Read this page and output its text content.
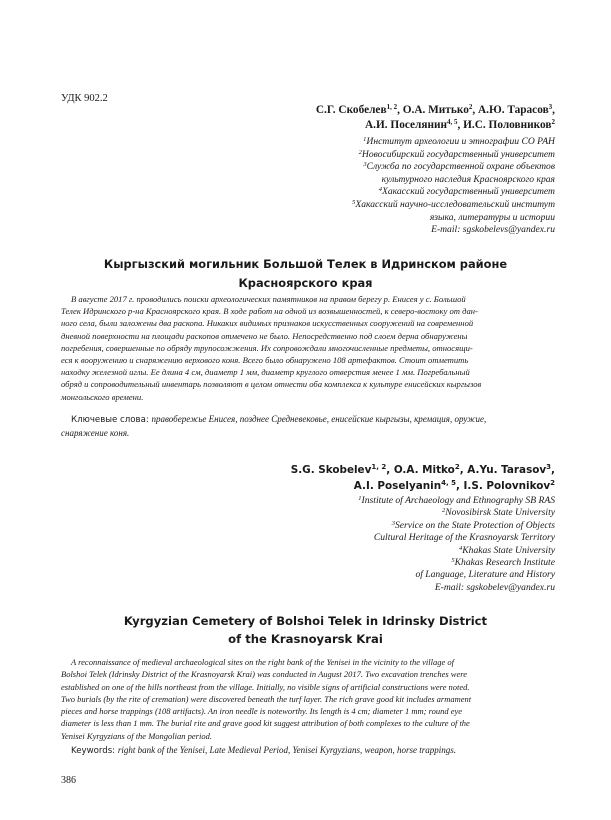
УДК 902.2
С.Г. Скобелев$^{1, 2}$, О.А. Митько$^2$, А.Ю. Тарасов$^3$,
А.И. Поселянин$^{4, 5}$, И.С. Половников$^2$
$^1$Институт археологии и этнографии СО РАН
$^2$Новосибирский государственный университет
$^3$Служба по государственной охране объектов
культурного наследия Красноярского края
$^4$Хакасский государственный университет
$^5$Хакасский научно-исследовательский институт
языка, литературы и истории
E-mail: sgskobelevs@yandex.ru
Кыргызский могильник Большой Телек в Идринском районе
Красноярского края
В августе 2017 г. проводились поиски археологических памятников на правом берегу р. Енисея у с. Большой
Телек Идринского р-на Красноярского края. В ходе работ на одной из возвышенностей, к северо-востоку от дан-
ного села, были заложены два раскопа. Никаких видимых признаков искусственных сооружений на современной
дневной поверхности на площади раскопов отмечено не было. Непосредственно под слоем дерна обнаружены
погребения, совершенные по обряду трупосожжения. Их сопровождали многочисленные предметы, относящи-
еся к вооружению и снаряжению верхового коня. Всего было обнаружено 108 артефактов. Стоит отметить
находку железной иглы. Ее длина 4 см, диаметр 1 мм, диаметр круглого отверстия менее 1 мм. Погребальный
обряд и сопроводительный инвентарь позволяют в целом отнести оба комплекса к культуре енисейских кыргызов
монгольского времени.
Ключевые слова: правобережье Енисея, позднее Средневековье, енисейские кыргызы, кремация, оружие,
снаряжение коня.
S.G. Skobelev$^{1, 2}$, O.A. Mitko$^2$, A.Yu. Tarasov$^3$,
A.I. Poselyanin$^{4, 5}$, I.S. Polovnikov$^2$
$^1$Institute of Archaeology and Ethnography SB RAS
$^2$Novosibirsk State University
$^3$Service on the State Protection of Objects
Cultural Heritage of the Krasnoyarsk Territory
$^4$Khakas State University
$^5$Khakas Research Institute
of Language, Literature and History
E-mail: sgskobelev@yandex.ru
Kyrgyzian Cemetery of Bolshoi Telek in Idrinsky District
of the Krasnoyarsk Krai
A reconnaissance of medieval archaeological sites on the right bank of the Yenisei in the vicinity to the village of
Bolshoi Telek (Idrinsky District of the Krasnoyarsk Krai) was conducted in August 2017. Two excavation trenches were
established on one of the hills northeast from the village. Initially, no visible signs of artificial constructions were noted.
Two burials (by the rite of cremation) were discovered beneath the turf layer. The rich grave good kit includes armament
pieces and horse trappings (108 artifacts). An iron needle is noteworthy. Its length is 4 cm; diameter 1 mm; round eye
diameter is less than 1 mm. The burial rite and grave good kit suggest attribution of both complexes to the culture of the
Yenisei Kyrgyzians of the Mongolian period.
Keywords: right bank of the Yenisei, Late Medieval Period, Yenisei Kyrgyzians, weapon, horse trappings.
386
